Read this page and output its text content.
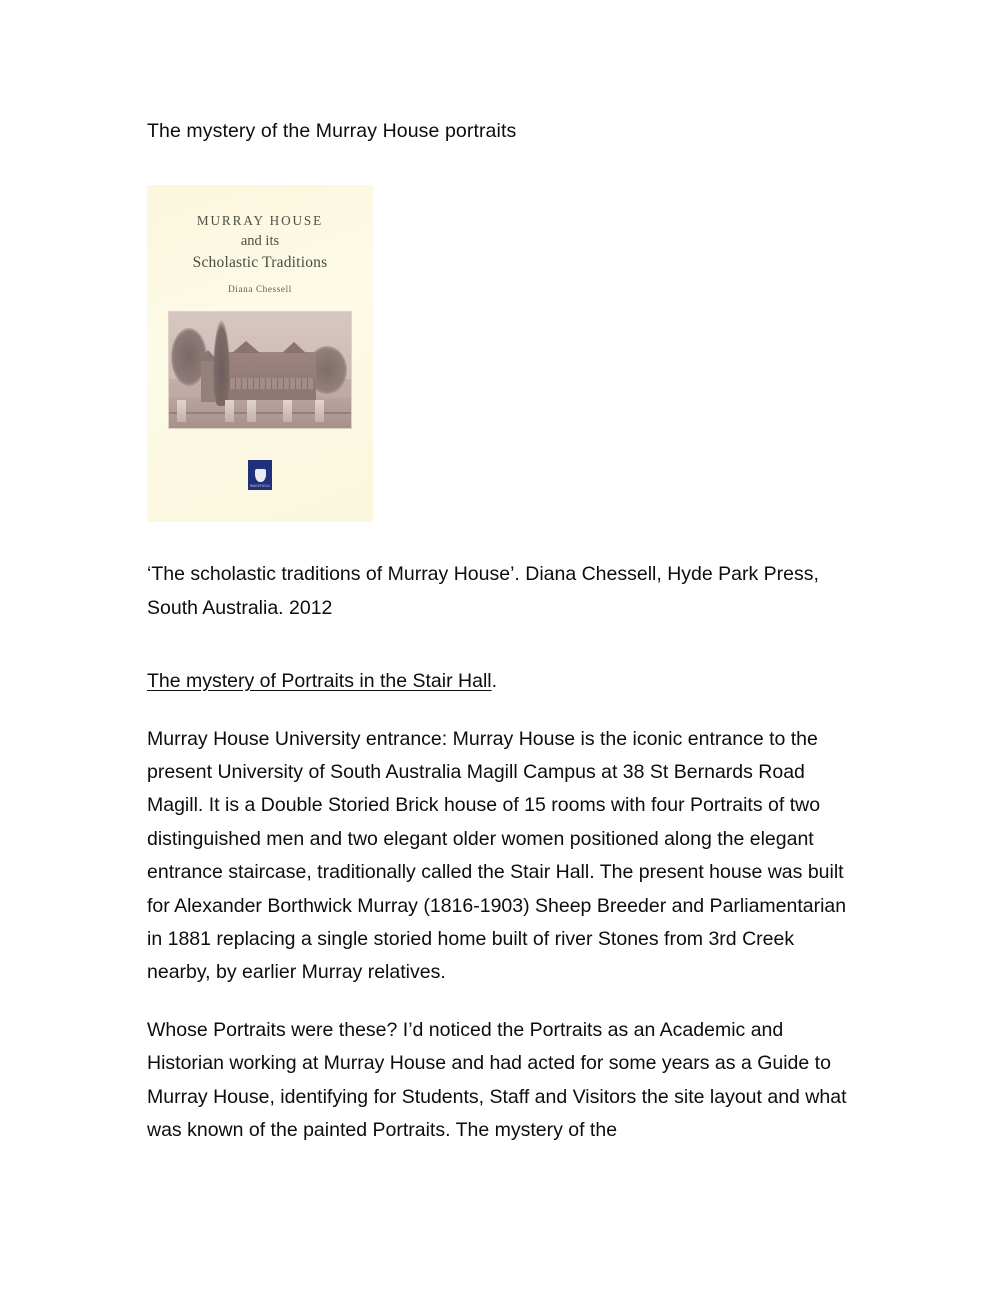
The mystery of the Murray House portraits

MURRAY HOUSE
and its
Scholastic Traditions
Diana Chessell
WAKEFIELD

‘The scholastic traditions of Murray House’. Diana Chessell, Hyde Park Press, South Australia. 2012

The mystery of Portraits in the Stair Hall.

Murray House University entrance: Murray House is the iconic entrance to the present University of South Australia Magill Campus at 38 St Bernards Road Magill. It is a Double Storied Brick house of 15 rooms with four Portraits of two distinguished men and two elegant older women positioned along the elegant entrance staircase, traditionally called the Stair Hall. The present house was built for Alexander Borthwick Murray (1816-1903) Sheep Breeder and Parliamentarian in 1881 replacing a single storied home built of river Stones from 3rd Creek nearby, by earlier Murray relatives.

Whose Portraits were these? I’d noticed the Portraits as an Academic and Historian working at Murray House and had acted for some years as a Guide to Murray House, identifying for Students, Staff and Visitors the site layout and what was known of the painted Portraits. The mystery of the
